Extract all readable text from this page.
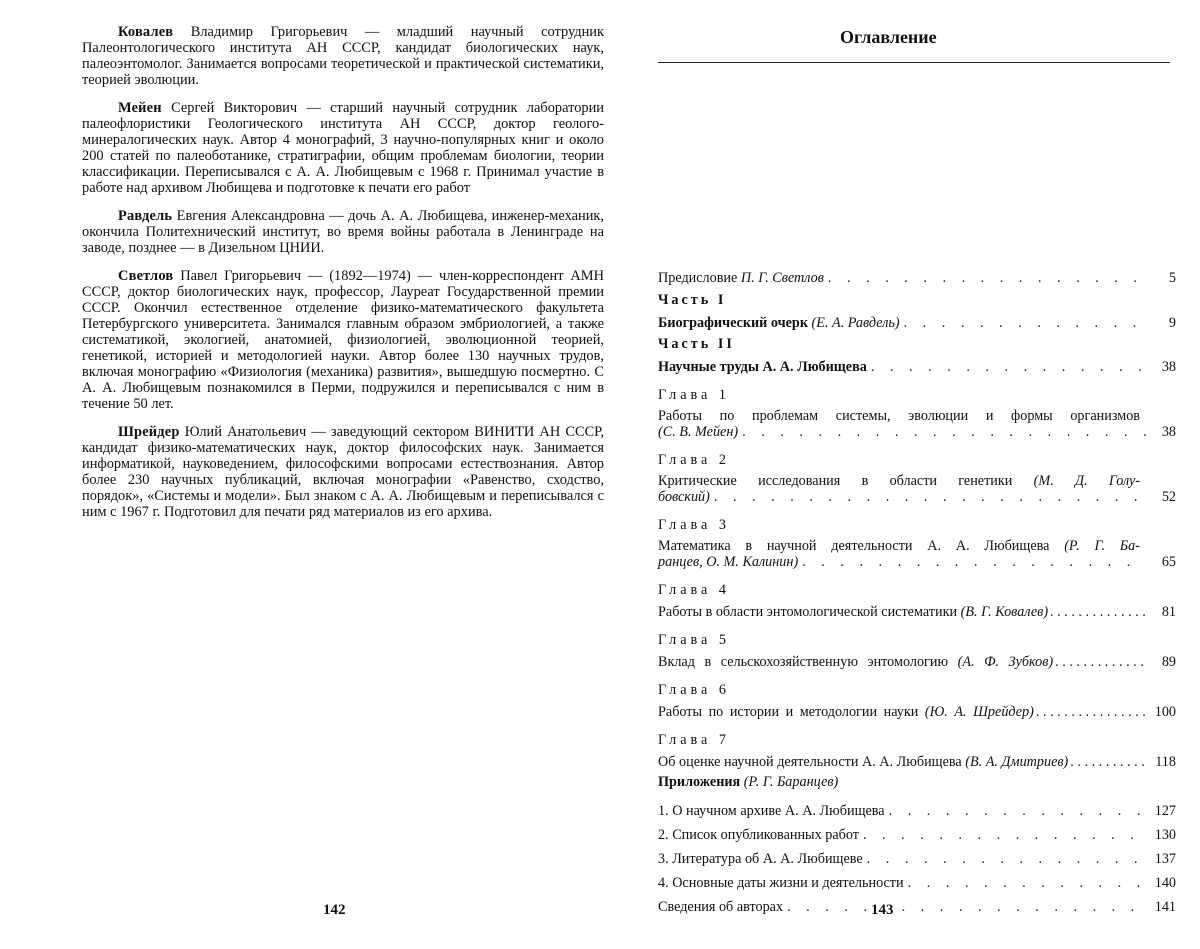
Ковалев Владимир Григорьевич — младший научный сотрудник Палеонтологического института АН СССР, кандидат биологических наук, палеоэнтомолог. Занимается вопросами теоретической и практической систематики, теорией эволюции.

Мейен Сергей Викторович — старший научный сотрудник лаборатории палеофлористики Геологического института АН СССР, доктор геолого-минералогических наук. Автор 4 монографий, 3 научно-популярных книг и около 200 статей по палеоботанике, стратиграфии, общим проблемам биологии, теории классификации. Переписывался с А. А. Любищевым с 1968 г. Принимал участие в работе над архивом Любищева и подготовке к печати его работ

Равдель Евгения Александровна — дочь А. А. Любищева, инженер-механик, окончила Политехнический институт, во время войны работала в Ленинграде на заводе, позднее — в Дизельном ЦНИИ.

Светлов Павел Григорьевич — (1892—1974) — член-корреспондент АМН СССР, доктор биологических наук, профессор, Лауреат Государственной премии СССР. Окончил естественное отделение физико-математического факультета Петербургского университета. Занимался главным образом эмбриологией, а также систематикой, экологией, анатомией, физиологией, эволюционной теорией, генетикой, историей и методологией науки. Автор более 130 научных трудов, включая монографию «Физиология (механика) развития», вышедшую посмертно. С А. А. Любищевым познакомился в Перми, подружился и переписывался с ним в течение 50 лет.

Шрейдер Юлий Анатольевич — заведующий сектором ВИНИТИ АН СССР, кандидат физико-математических наук, доктор философских наук. Занимается информатикой, науковедением, философскими вопросами естествознания. Автор более 230 научных публикаций, включая монографии «Равенство, сходство, порядок», «Системы и модели». Был знаком с А. А. Любищевым и переписывался с ним с 1967 г. Подготовил для печати ряд материалов из его архива.

142
Оглавление
Предисловие П. Г. Светлов . . .	5
Часть I
Биографический очерк (Е. А. Равдель) . . .	9
Часть II
Научные труды А. А. Любищева . . .	38
Глава 1
Работы по проблемам системы, эволюции и формы организмов
(С. В. Мейен) . . .	38
Глава 2
Критические исследования в области генетики (М. Д. Голу-
бовский) . . .	52
Глава 3
Математика в научной деятельности А. А. Любищева (Р. Г. Ба-
ранцев, О. М. Калинин) . . .	65
Глава 4
Работы в области энтомологической систематики (В. Г. Ковалев) . . .	81
Глава 5
Вклад в сельскохозяйственную энтомологию (А. Ф. Зубков) . . .	89
Глава 6
Работы по истории и методологии науки (Ю. А. Шрейдер) . . .	100
Глава 7
Об оценке научной деятельности А. А. Любищева (В. А. Дмитриев) . . .	118
Приложения (Р. Г. Баранцев)
1. О научном архиве А. А. Любищева . . .	127
2. Список опубликованных работ . . .	130
3. Литература об А. А. Любищеве . . .	137
4. Основные даты жизни и деятельности . . .	140
Сведения об авторах . . .	141
143
